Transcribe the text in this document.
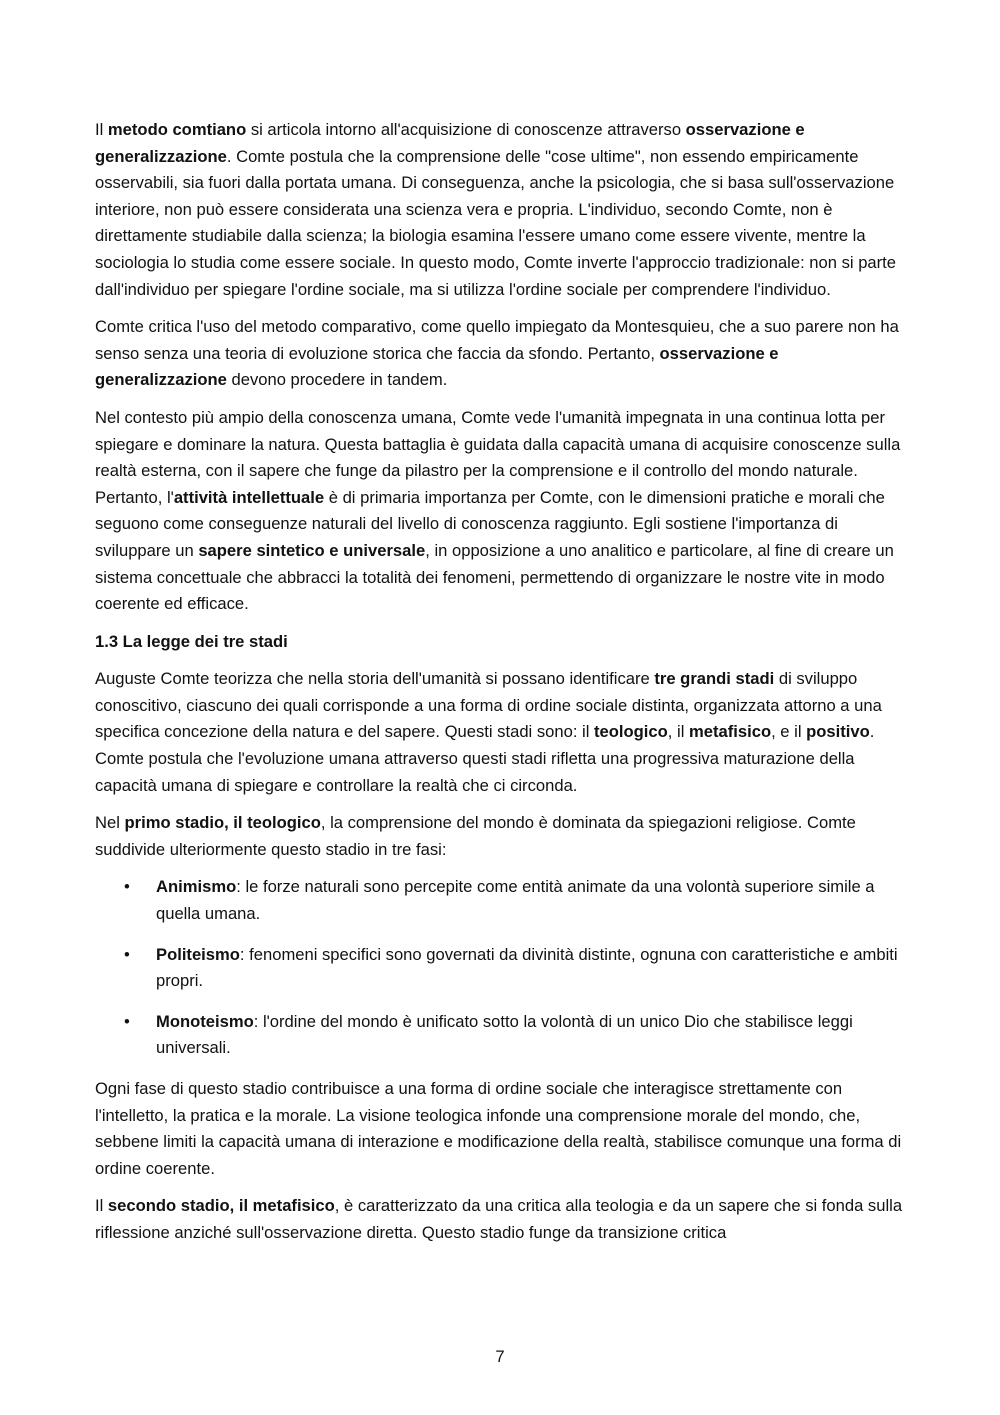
Il metodo comtiano si articola intorno all'acquisizione di conoscenze attraverso osservazione e generalizzazione. Comte postula che la comprensione delle "cose ultime", non essendo empiricamente osservabili, sia fuori dalla portata umana. Di conseguenza, anche la psicologia, che si basa sull'osservazione interiore, non può essere considerata una scienza vera e propria. L'individuo, secondo Comte, non è direttamente studiabile dalla scienza; la biologia esamina l'essere umano come essere vivente, mentre la sociologia lo studia come essere sociale. In questo modo, Comte inverte l'approccio tradizionale: non si parte dall'individuo per spiegare l'ordine sociale, ma si utilizza l'ordine sociale per comprendere l'individuo.

Comte critica l'uso del metodo comparativo, come quello impiegato da Montesquieu, che a suo parere non ha senso senza una teoria di evoluzione storica che faccia da sfondo. Pertanto, osservazione e generalizzazione devono procedere in tandem.

Nel contesto più ampio della conoscenza umana, Comte vede l'umanità impegnata in una continua lotta per spiegare e dominare la natura. Questa battaglia è guidata dalla capacità umana di acquisire conoscenze sulla realtà esterna, con il sapere che funge da pilastro per la comprensione e il controllo del mondo naturale. Pertanto, l'attività intellettuale è di primaria importanza per Comte, con le dimensioni pratiche e morali che seguono come conseguenze naturali del livello di conoscenza raggiunto. Egli sostiene l'importanza di sviluppare un sapere sintetico e universale, in opposizione a uno analitico e particolare, al fine di creare un sistema concettuale che abbracci la totalità dei fenomeni, permettendo di organizzare le nostre vite in modo coerente ed efficace.

1.3 La legge dei tre stadi

Auguste Comte teorizza che nella storia dell'umanità si possano identificare tre grandi stadi di sviluppo conoscitivo, ciascuno dei quali corrisponde a una forma di ordine sociale distinta, organizzata attorno a una specifica concezione della natura e del sapere. Questi stadi sono: il teologico, il metafisico, e il positivo. Comte postula che l'evoluzione umana attraverso questi stadi rifletta una progressiva maturazione della capacità umana di spiegare e controllare la realtà che ci circonda.

Nel primo stadio, il teologico, la comprensione del mondo è dominata da spiegazioni religiose. Comte suddivide ulteriormente questo stadio in tre fasi:

• Animismo: le forze naturali sono percepite come entità animate da una volontà superiore simile a quella umana.
• Politeismo: fenomeni specifici sono governati da divinità distinte, ognuna con caratteristiche e ambiti propri.
• Monoteismo: l'ordine del mondo è unificato sotto la volontà di un unico Dio che stabilisce leggi universali.

Ogni fase di questo stadio contribuisce a una forma di ordine sociale che interagisce strettamente con l'intelletto, la pratica e la morale. La visione teologica infonde una comprensione morale del mondo, che, sebbene limiti la capacità umana di interazione e modificazione della realtà, stabilisce comunque una forma di ordine coerente.

Il secondo stadio, il metafisico, è caratterizzato da una critica alla teologia e da un sapere che si fonda sulla riflessione anziché sull'osservazione diretta. Questo stadio funge da transizione critica

7
